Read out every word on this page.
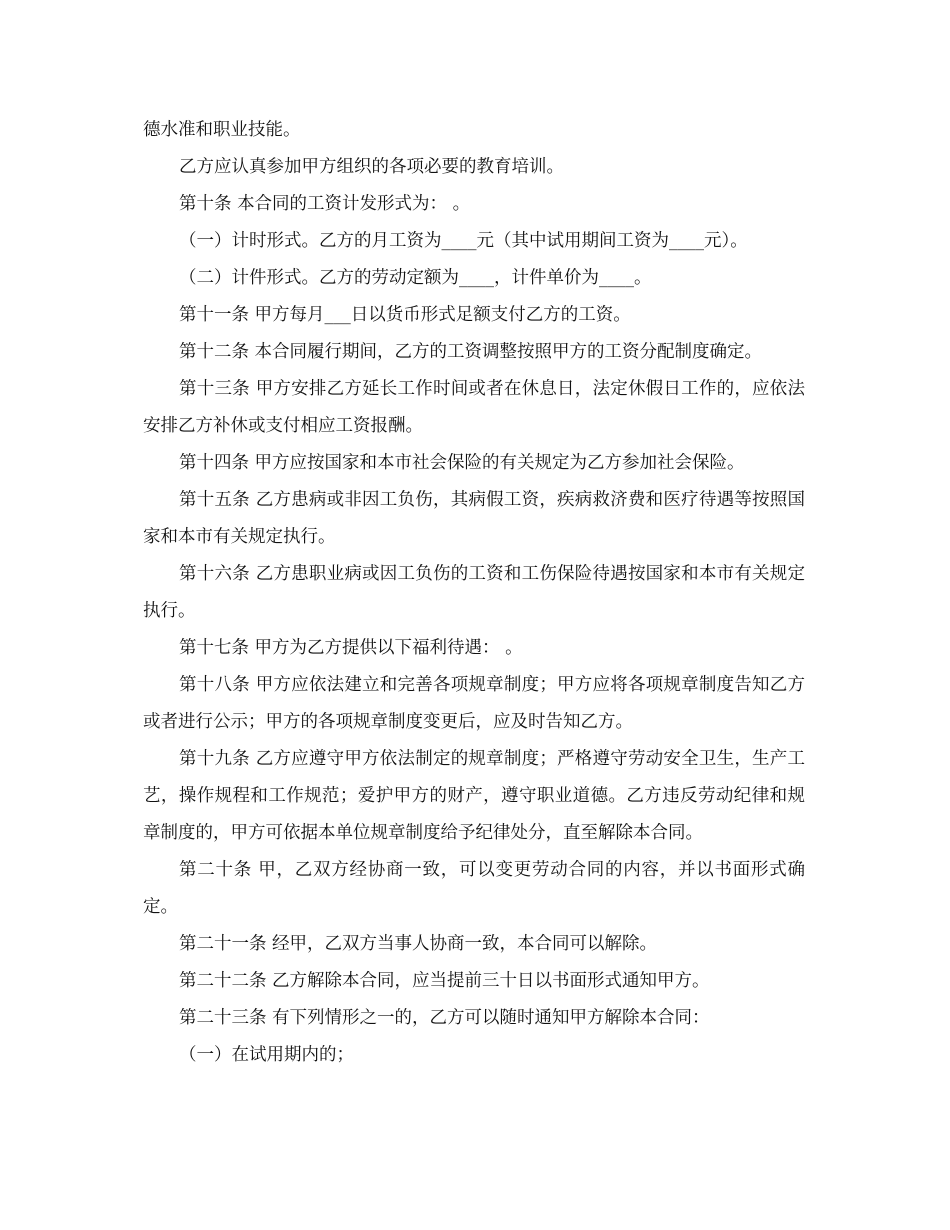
德水准和职业技能。

乙方应认真参加甲方组织的各项必要的教育培训。

第十条 本合同的工资计发形式为： 。

（一）计时形式。乙方的月工资为____元（其中试用期间工资为____元）。

（二）计件形式。乙方的劳动定额为____，计件单价为____。

第十一条 甲方每月___日以货币形式足额支付乙方的工资。

第十二条 本合同履行期间，乙方的工资调整按照甲方的工资分配制度确定。

第十三条 甲方安排乙方延长工作时间或者在休息日，法定休假日工作的，应依法安排乙方补休或支付相应工资报酬。

第十四条 甲方应按国家和本市社会保险的有关规定为乙方参加社会保险。

第十五条 乙方患病或非因工负伤，其病假工资，疾病救济费和医疗待遇等按照国家和本市有关规定执行。

第十六条 乙方患职业病或因工负伤的工资和工伤保险待遇按国家和本市有关规定执行。

第十七条 甲方为乙方提供以下福利待遇： 。

第十八条 甲方应依法建立和完善各项规章制度；甲方应将各项规章制度告知乙方或者进行公示；甲方的各项规章制度变更后，应及时告知乙方。

第十九条 乙方应遵守甲方依法制定的规章制度；严格遵守劳动安全卫生，生产工艺，操作规程和工作规范；爱护甲方的财产，遵守职业道德。乙方违反劳动纪律和规章制度的，甲方可依据本单位规章制度给予纪律处分，直至解除本合同。

第二十条 甲，乙双方经协商一致，可以变更劳动合同的内容，并以书面形式确定。

第二十一条 经甲，乙双方当事人协商一致，本合同可以解除。

第二十二条 乙方解除本合同，应当提前三十日以书面形式通知甲方。

第二十三条 有下列情形之一的，乙方可以随时通知甲方解除本合同：

（一）在试用期内的；
